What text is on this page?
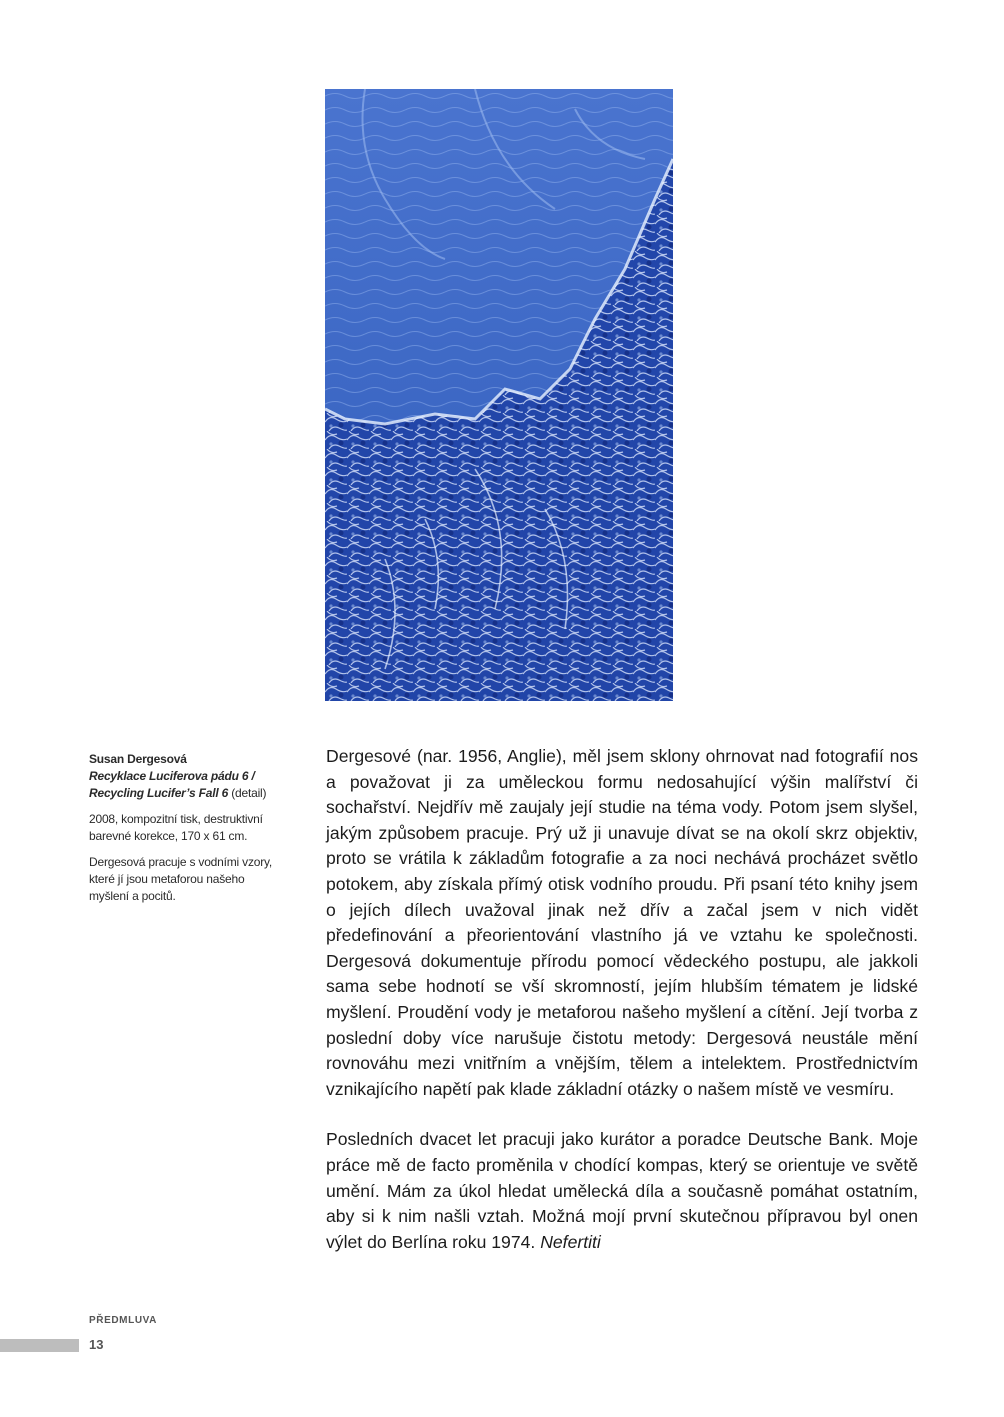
Susan Dergesová
Recyklace Luciferova pádu 6 /
Recycling Lucifer’s Fall 6 (detail)

2008, kompozitní tisk, destruktivní
barevné korekce, 170 x 61 cm.

Dergesová pracuje s vodními vzory,
které jí jsou metaforou našeho
myšlení a pocitů.

Dergesové (nar. 1956, Anglie), měl jsem sklony ohrnovat nad fotografií nos a považovat ji za uměleckou formu nedosahující výšin malířství či sochařství. Nejdřív mě zaujaly její studie na téma vody. Potom jsem slyšel, jakým způsobem pracuje. Prý už ji unavuje dívat se na okolí skrz objektiv, proto se vrátila k základům fotografie a za noci nechává procházet světlo potokem, aby získala přímý otisk vodního proudu. Při psaní této knihy jsem o jejích dílech uvažoval jinak než dřív a začal jsem v nich vidět předefinování a přeorientování vlastního já ve vztahu ke společnosti. Dergesová dokumentuje přírodu pomocí vědeckého postupu, ale jakkoli sama sebe hodnotí se vší skromností, jejím hlubším tématem je lidské myšlení. Proudění vody je metaforou našeho myšlení a cítění. Její tvorba z poslední doby více narušuje čistotu metody: Dergesová neustále mění rovnováhu mezi vnitřním a vnějším, tělem a intelektem. Prostřednictvím vznikajícího napětí pak klade základní otázky o našem místě ve vesmíru.

Posledních dvacet let pracuji jako kurátor a poradce Deutsche Bank. Moje práce mě de facto proměnila v chodící kompas, který se orientuje ve světě umění. Mám za úkol hledat umělecká díla a současně pomáhat ostatním, aby si k nim našli vztah. Možná mojí první skutečnou přípravou byl onen výlet do Berlína roku 1974. Nefertiti

PŘEDMLUVA
13
